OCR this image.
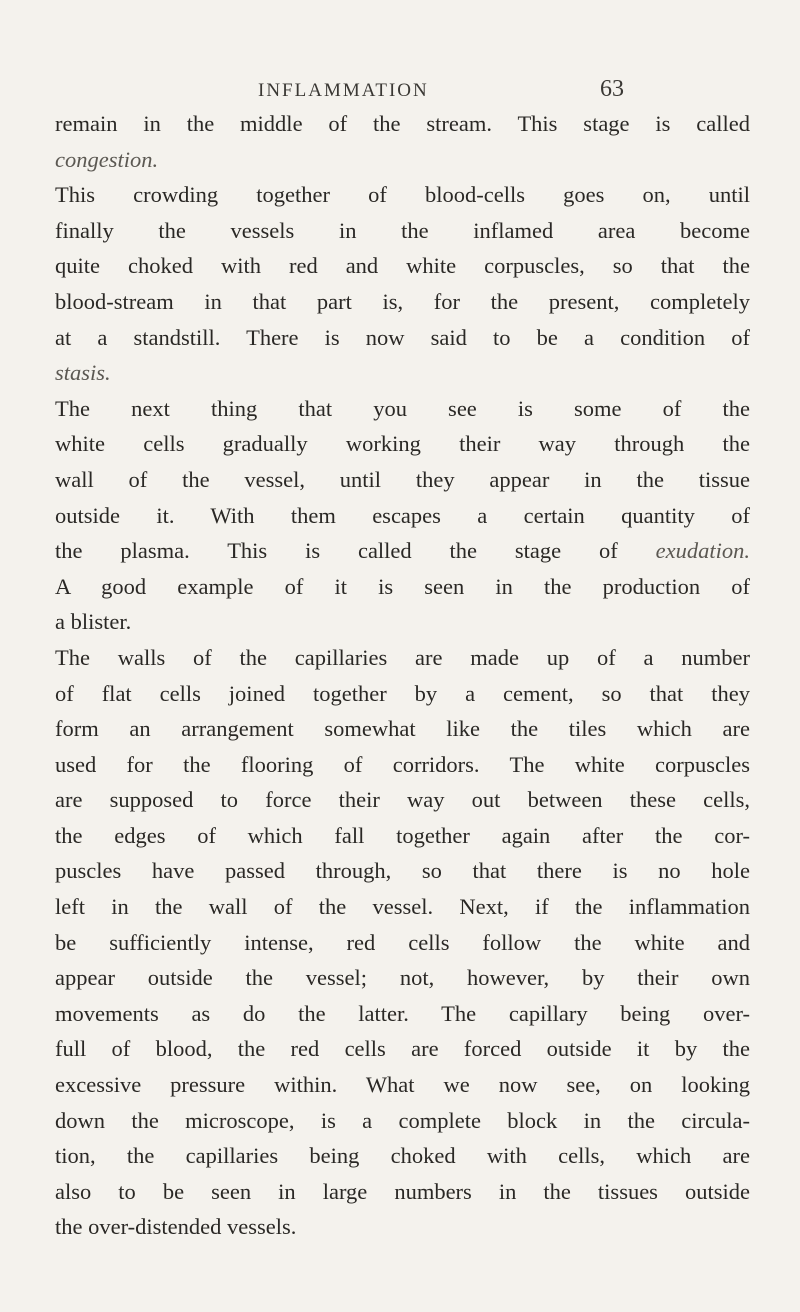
INFLAMMATION	63
remain in the middle of the stream. This stage is called
congestion.
This crowding together of blood-cells goes on, until
finally the vessels in the inflamed area become
quite choked with red and white corpuscles, so that the
blood-stream in that part is, for the present, completely
at a standstill. There is now said to be a condition of
stasis.
The next thing that you see is some of the
white cells gradually working their way through the
wall of the vessel, until they appear in the tissue
outside it. With them escapes a certain quantity of
the plasma. This is called the stage of exudation.
A good example of it is seen in the production of
a blister.
The walls of the capillaries are made up of a number
of flat cells joined together by a cement, so that they
form an arrangement somewhat like the tiles which are
used for the flooring of corridors. The white corpuscles
are supposed to force their way out between these cells,
the edges of which fall together again after the cor-
puscles have passed through, so that there is no hole
left in the wall of the vessel. Next, if the inflammation
be sufficiently intense, red cells follow the white and
appear outside the vessel; not, however, by their own
movements as do the latter. The capillary being over-
full of blood, the red cells are forced outside it by the
excessive pressure within. What we now see, on looking
down the microscope, is a complete block in the circula-
tion, the capillaries being choked with cells, which are
also to be seen in large numbers in the tissues outside
the over-distended vessels.
